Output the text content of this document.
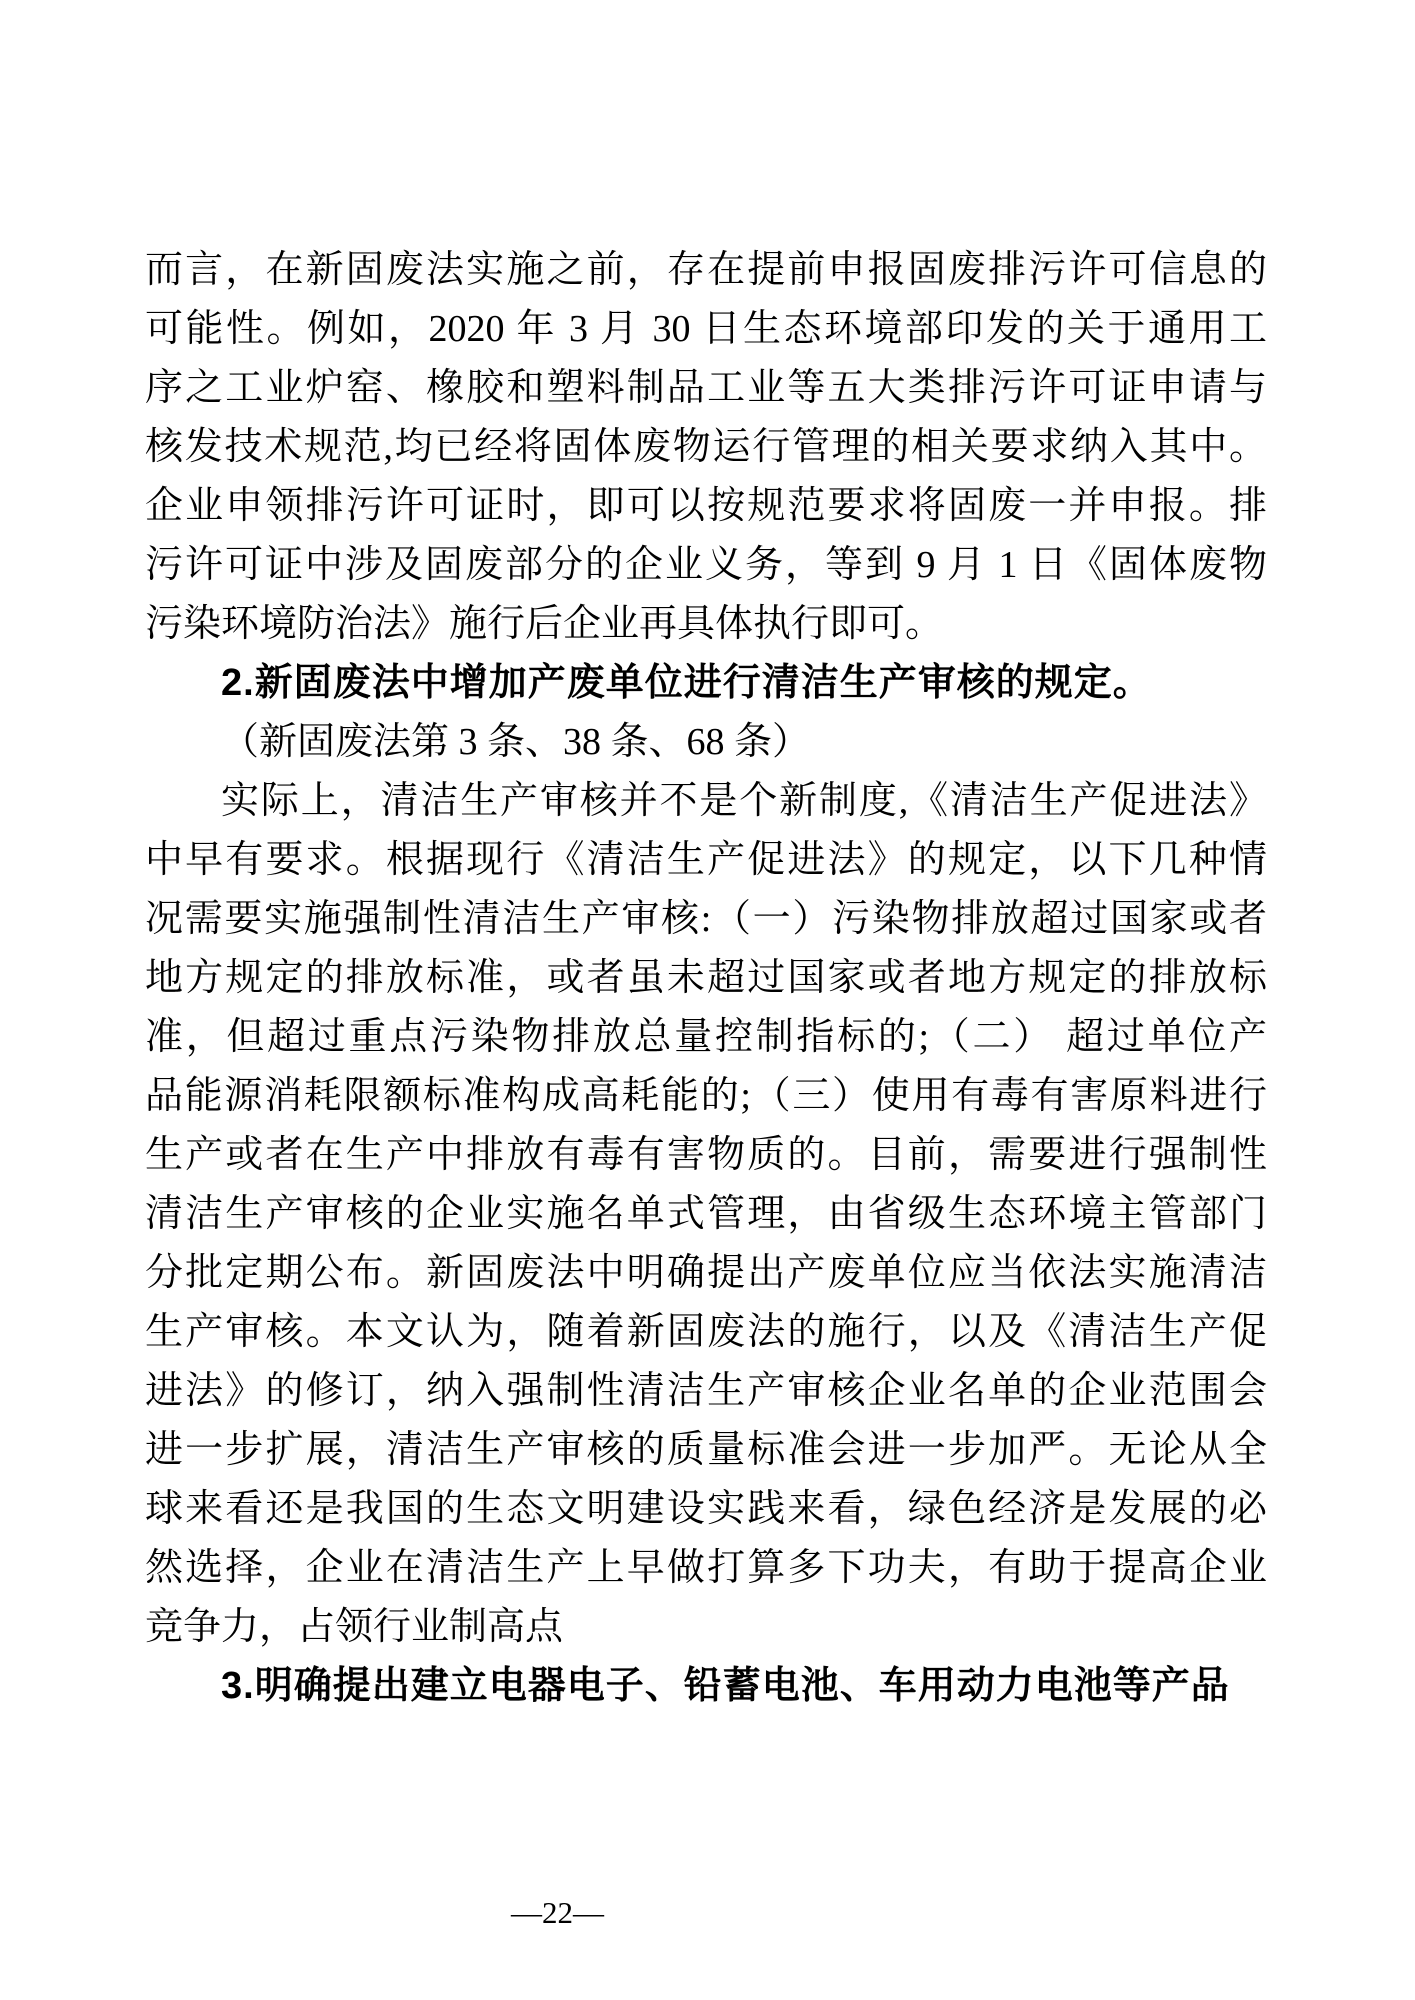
而言，在新固废法实施之前，存在提前申报固废排污许可信息的
可能性。例如，2020 年 3 月 30 日生态环境部印发的关于通用工
序之工业炉窑、橡胶和塑料制品工业等五大类排污许可证申请与
核发技术规范,均已经将固体废物运行管理的相关要求纳入其中。
企业申领排污许可证时，即可以按规范要求将固废一并申报。排
污许可证中涉及固废部分的企业义务，等到 9 月 1 日《固体废物
污染环境防治法》施行后企业再具体执行即可。
2.新固废法中增加产废单位进行清洁生产审核的规定。
（新固废法第 3 条、38 条、68 条）
实际上，清洁生产审核并不是个新制度,《清洁生产促进法》
中早有要求。根据现行《清洁生产促进法》的规定，以下几种情
况需要实施强制性清洁生产审核:（一）污染物排放超过国家或者
地方规定的排放标准，或者虽未超过国家或者地方规定的排放标
准，但超过重点污染物排放总量控制指标的;（二） 超过单位产
品能源消耗限额标准构成高耗能的;（三）使用有毒有害原料进行
生产或者在生产中排放有毒有害物质的。目前，需要进行强制性
清洁生产审核的企业实施名单式管理，由省级生态环境主管部门
分批定期公布。新固废法中明确提出产废单位应当依法实施清洁
生产审核。本文认为，随着新固废法的施行，以及《清洁生产促
进法》的修订，纳入强制性清洁生产审核企业名单的企业范围会
进一步扩展，清洁生产审核的质量标准会进一步加严。无论从全
球来看还是我国的生态文明建设实践来看，绿色经济是发展的必
然选择，企业在清洁生产上早做打算多下功夫，有助于提高企业
竞争力，占领行业制高点
3.明确提出建立电器电子、铅蓄电池、车用动力电池等产品
—22—
